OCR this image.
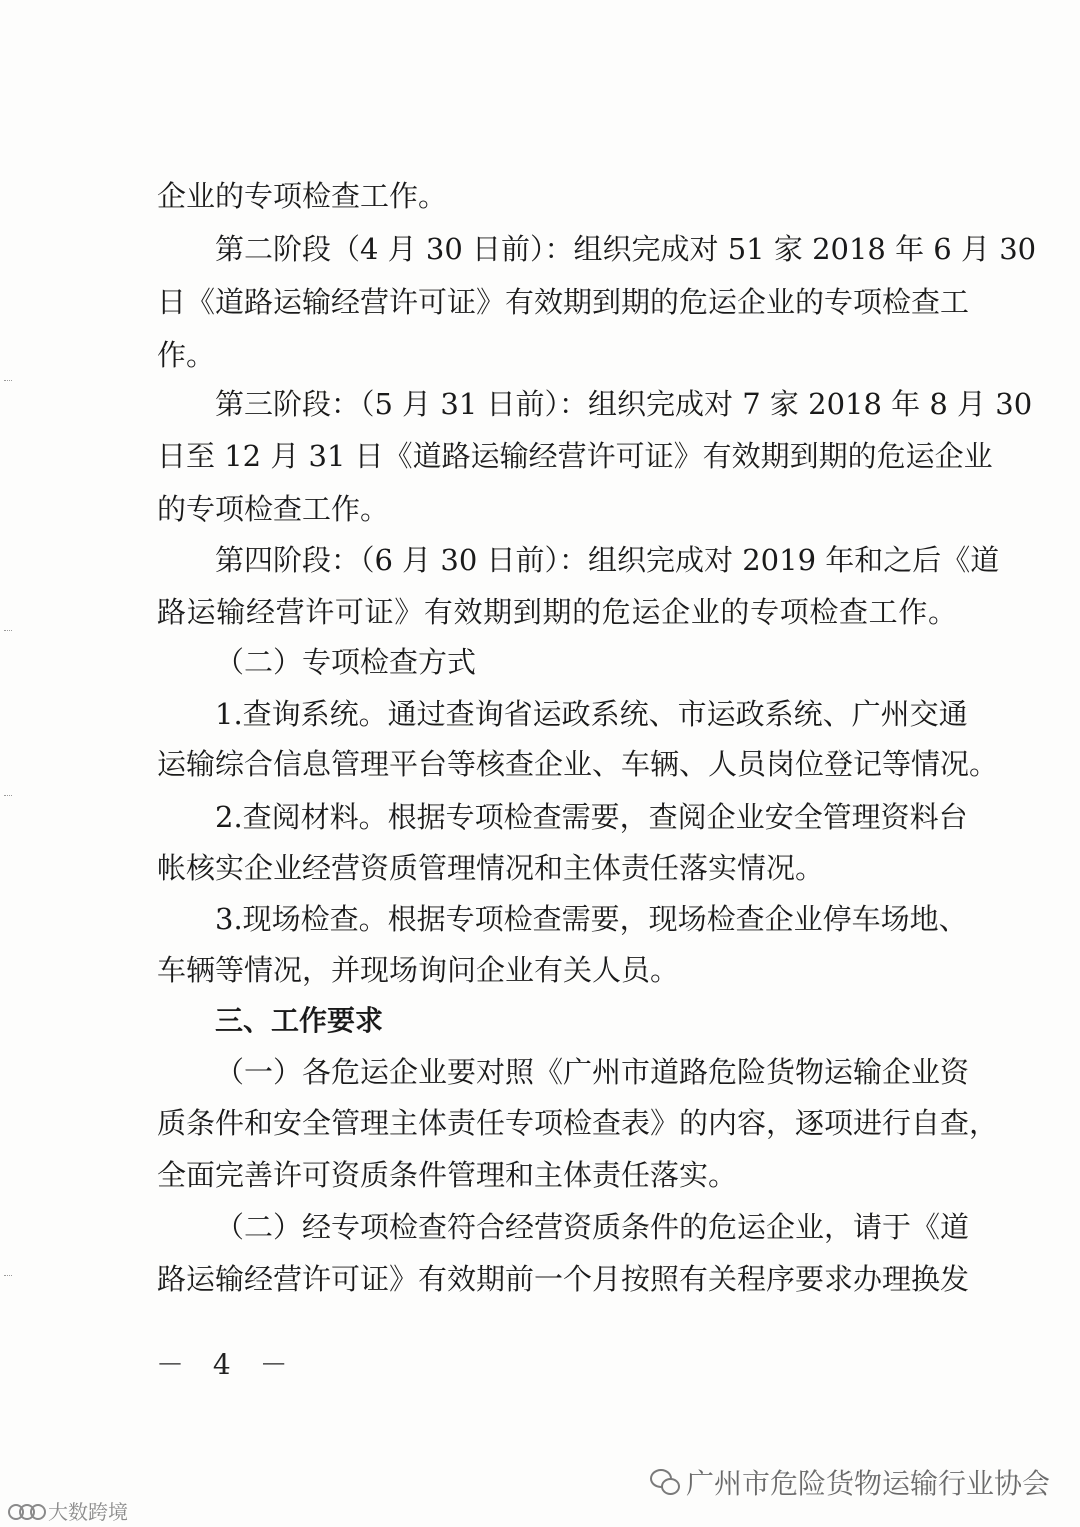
企业的专项检查工作。
第二阶段（4 月 30 日前）：组织完成对 51 家 2018 年 6 月 30
日《道路运输经营许可证》有效期到期的危运企业的专项检查工
作。
第三阶段：（5 月 31 日前）：组织完成对 7 家 2018 年 8 月 30
日至 12 月 31 日《道路运输经营许可证》有效期到期的危运企业
的专项检查工作。
第四阶段：（6 月 30 日前）：组织完成对 2019 年和之后《道
路运输经营许可证》有效期到期的危运企业的专项检查工作。
（二）专项检查方式
1.查询系统。通过查询省运政系统、市运政系统、广州交通
运输综合信息管理平台等核查企业、车辆、人员岗位登记等情况。
2.查阅材料。根据专项检查需要，查阅企业安全管理资料台
帐核实企业经营资质管理情况和主体责任落实情况。
3.现场检查。根据专项检查需要，现场检查企业停车场地、
车辆等情况，并现场询问企业有关人员。
三、工作要求
（一）各危运企业要对照《广州市道路危险货物运输企业资
质条件和安全管理主体责任专项检查表》的内容，逐项进行自查，
全面完善许可资质条件管理和主体责任落实。
（二）经专项检查符合经营资质条件的危运企业，请于《道
路运输经营许可证》有效期前一个月按照有关程序要求办理换发
－ 4 －
广州市危险货物运输行业协会
大数跨境
